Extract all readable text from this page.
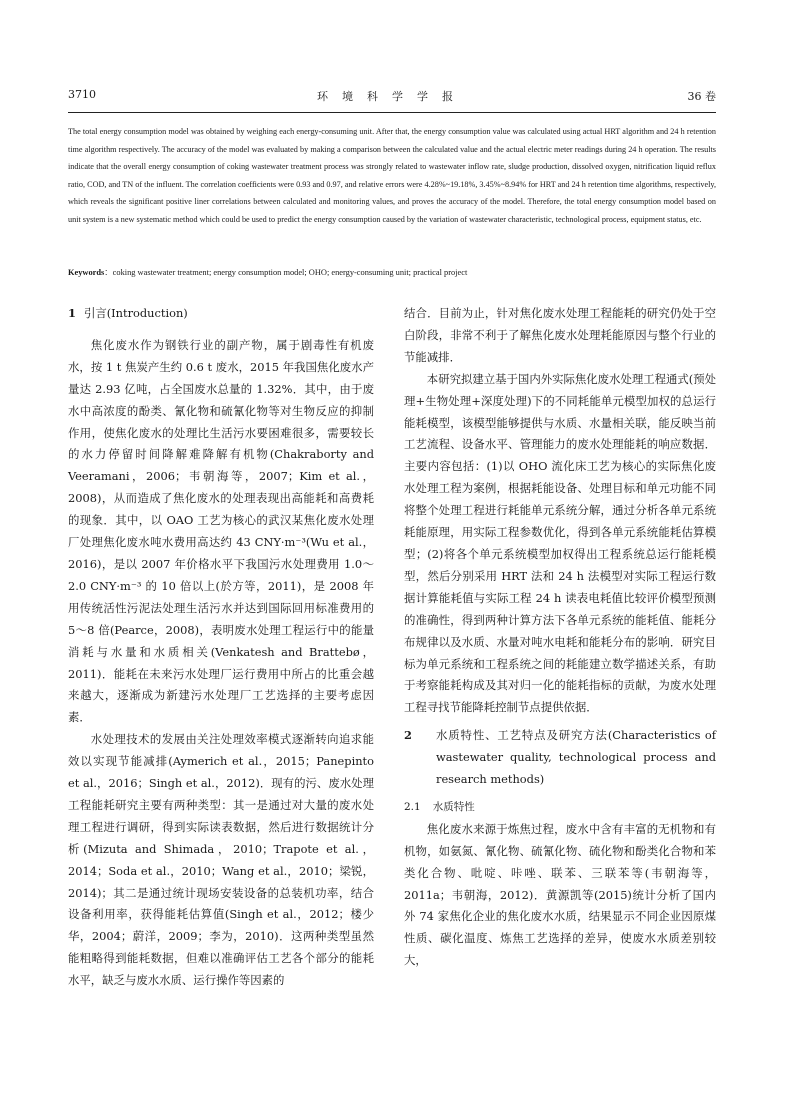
3710	环境科学学报	36 卷
The total energy consumption model was obtained by weighing each energy-consuming unit. After that, the energy consumption value was calculated using actual HRT algorithm and 24 h retention time algorithm respectively. The accuracy of the model was evaluated by making a comparison between the calculated value and the actual electric meter readings during 24 h operation. The results indicate that the overall energy consumption of coking wastewater treatment process was strongly related to wastewater inflow rate, sludge production, dissolved oxygen, nitrification liquid reflux ratio, COD, and TN of the influent. The correlation coefficients were 0.93 and 0.97, and relative errors were 4.28%~19.18%, 3.45%~8.94% for HRT and 24 h retention time algorithms, respectively, which reveals the significant positive liner correlations between calculated and monitoring values, and proves the accuracy of the model. Therefore, the total energy consumption model based on unit system is a new systematic method which could be used to predict the energy consumption caused by the variation of wastewater characteristic, technological process, equipment status, etc.
Keywords：coking wastewater treatment; energy consumption model; OHO; energy-consuming unit; practical project
1 引言(Introduction)

焦化废水作为钢铁行业的副产物，属于剧毒性有机废水，按 1 t 焦炭产生约 0.6 t 废水，2015 年我国焦化废水产量达 2.93 亿吨，占全国废水总量的 1.32%．其中，由于废水中高浓度的酚类、氰化物和硫氰化物等对生物反应的抑制作用，使焦化废水的处理比生活污水要困难很多，需要较长的水力停留时间降解难降解有机物(Chakraborty and Veeramani，2006；韦朝海等，2007；Kim et al.，2008)，从而造成了焦化废水的处理表现出高能耗和高费耗的现象．其中，以 OAO 工艺为核心的武汉某焦化废水处理厂处理焦化废水吨水费用高达约 43 CNY·m⁻³(Wu et al.，2016)，是以 2007 年价格水平下我国污水处理费用 1.0～2.0 CNY·m⁻³ 的 10 倍以上(於方等，2011)，是 2008 年用传统活性污泥法处理生活污水并达到国际回用标准费用的 5～8 倍(Pearce，2008)，表明废水处理工程运行中的能量消耗与水量和水质相关(Venkatesh and Brattebø，2011)．能耗在未来污水处理厂运行费用中所占的比重会越来越大，逐渐成为新建污水处理厂工艺选择的主要考虑因素．

水处理技术的发展由关注处理效率模式逐渐转向追求能效以实现节能减排(Aymerich et al.，2015；Panepinto et al.，2016；Singh et al.，2012)．现有的污、废水处理工程能耗研究主要有两种类型：其一是通过对大量的废水处理工程进行调研，得到实际读表数据，然后进行数据统计分析(Mizuta and Shimada，2010；Trapote et al.，2014；Soda et al.，2010；Wang et al.，2010；梁锐，2014)；其二是通过统计现场安装设备的总装机功率，结合设备利用率，获得能耗估算值(Singh et al.，2012；楼少华，2004；蔚洋，2009；李为，2010)．这两种类型虽然能粗略得到能耗数据，但难以准确评估工艺各个部分的能耗水平，缺乏与废水水质、运行操作等因素的

结合．目前为止，针对焦化废水处理工程能耗的研究仍处于空白阶段，非常不利于了解焦化废水处理耗能原因与整个行业的节能减排．

本研究拟建立基于国内外实际焦化废水处理工程通式(预处理+生物处理+深度处理)下的不同耗能单元模型加权的总运行能耗模型，该模型能够提供与水质、水量相关联，能反映当前工艺流程、设备水平、管理能力的废水处理能耗的响应数据．主要内容包括：(1)以 OHO 流化床工艺为核心的实际焦化废水处理工程为案例，根据耗能设备、处理目标和单元功能不同将整个处理工程进行耗能单元系统分解，通过分析各单元系统耗能原理，用实际工程参数优化，得到各单元系统能耗估算模型；(2)将各个单元系统模型加权得出工程系统总运行能耗模型，然后分别采用 HRT 法和 24 h 法模型对实际工程运行数据计算能耗值与实际工程 24 h 读表电耗值比较评价模型预测的准确性，得到两种计算方法下各单元系统的能耗值、能耗分布规律以及水质、水量对吨水电耗和能耗分布的影响．研究目标为单元系统和工程系统之间的耗能建立数学描述关系，有助于考察能耗构成及其对归一化的能耗指标的贡献，为废水处理工程寻找节能降耗控制节点提供依据．

2	水质特性、工艺特点及研究方法(Characteristics of wastewater quality, technological process and research methods)
2.1 水质特性

焦化废水来源于炼焦过程，废水中含有丰富的无机物和有机物，如氨氮、氰化物、硫氰化物、硫化物和酚类化合物和苯类化合物、吡啶、咔唑、联苯、三联苯等(韦朝海等，2011a；韦朝海，2012)．黄源凯等(2015)统计分析了国内外 74 家焦化企业的焦化废水水质，结果显示不同企业因原煤性质、碳化温度、炼焦工艺选择的差异，使废水水质差别较大，
